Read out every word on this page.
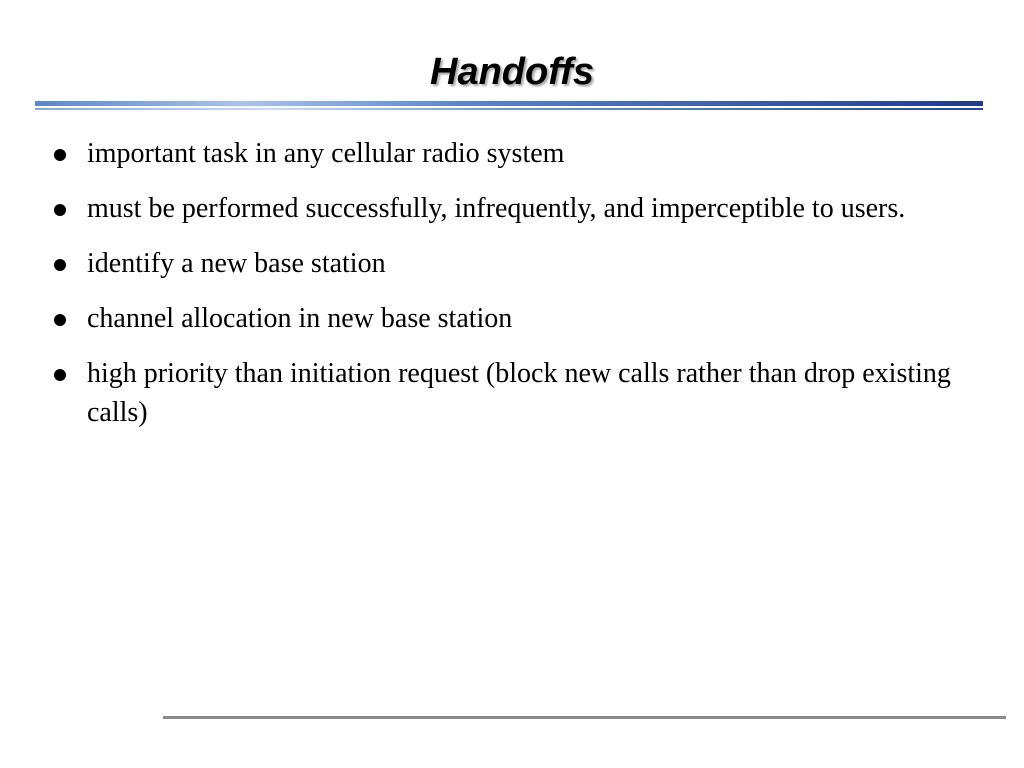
Handoffs
important task in any cellular radio system
must be performed successfully, infrequently, and imperceptible to users.
identify a new base station
channel allocation in new base station
high priority than initiation request (block new calls rather than drop existing calls)
